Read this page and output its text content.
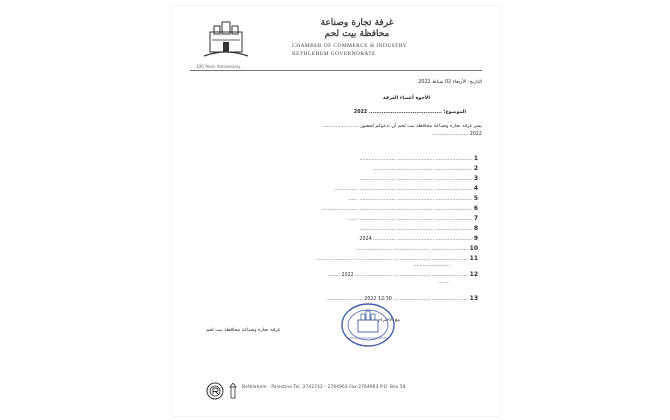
100 Years Anniversary
غرفة تجارة وصناعة
محافظة بيت لحم
CHAMBER OF COMMERCE & INDUSTRY
BETHLEHEM GOVERNORATE
التاريخ: الأربعاء 02 شباط 2022
الأخوة أعضاء الغرفة
الموضوع: ........................................ 2022
يسر غرفة تجارة وصناعة محافظة بيت لحم أن تدعوكم لحضور ........................
2022 ........................
1 ........................ ........................ ........................
2 ........................ ........................ ...............
3 ........................ ........................ ........................
4 ........................ ........................ ........................ ...............
5 ........................ ........................ ........................ ......
6 ........................ ........................ ........................ ........................
7 ........................ ........................ ........................ ......
8 ........................ ........................ ........................
9 ........................ ........................ ............... 2024
10 ........................ ........................ ........................
11 ........................ ........................ ........................ ........................
........................
12 ........................ ........................ ........................ 2022 ........
........
13 ........................ ........................ 12:30 2022 ........................
مع الاحترام
غرفة تجارة وصناعة محافظة بيت لحم
Bethlehem - Palestine Tel. 2742742 - 2764963 Fax 2764963 P.O. Box 59
